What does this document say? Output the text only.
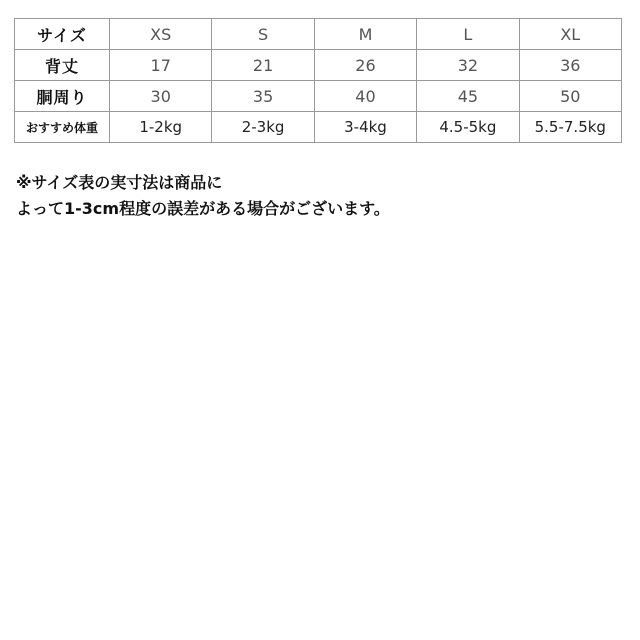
サイズ	XS	S	M	L	XL
背丈	17	21	26	32	36
胴周り	30	35	40	45	50
おすすめ体重	1-2kg	2-3kg	3-4kg	4.5-5kg	5.5-7.5kg
※サイズ表の実寸法は商品に
よって1-3cm程度の誤差がある場合がございます。
